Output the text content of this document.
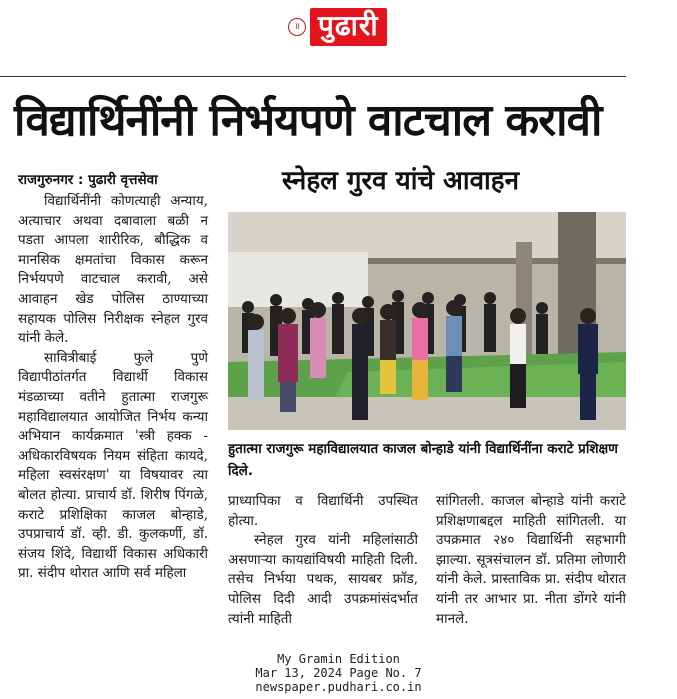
॥ पुढारी
विद्यार्थिनींनी निर्भयपणे वाटचाल करावी
स्नेहल गुरव यांचे आवाहन
राजगुरुनगर : पुढारी वृत्तसेवा

विद्यार्थिनींनी कोणत्याही अन्याय, अत्याचार अथवा दबावाला बळी न पडता आपला शारीरिक, बौद्धिक व मानसिक क्षमतांचा विकास करून निर्भयपणे वाटचाल करावी, असे आवाहन खेड पोलिस ठाण्याच्या सहायक पोलिस निरीक्षक स्नेहल गुरव यांनी केले.

सावित्रीबाई फुले पुणे विद्यापीठांतर्गत विद्यार्थी विकास मंडळाच्या वतीने हुतात्मा राजगुरू महाविद्यालयात आयोजित निर्भय कन्या अभियान कार्यक्रमात 'स्त्री हक्क - अधिकारविषयक नियम संहिता कायदे, महिला स्वसंरक्षण' या विषयावर त्या बोलत होत्या. प्राचार्य डॉ. शिरीष पिंगळे, कराटे प्रशिक्षिका काजल बोन्हाडे, उपप्राचार्य डॉ. व्ही. डी. कुलकर्णी, डॉ. संजय शिंदे, विद्यार्थी विकास अधिकारी प्रा. संदीप थोरात आणि सर्व महिला

हुतात्मा राजगुरू महाविद्यालयात काजल बोन्हाडे यांनी विद्यार्थिनींना कराटे प्रशिक्षण दिले.

प्राध्यापिका व विद्यार्थिनी उपस्थित होत्या.

स्नेहल गुरव यांनी महिलांसाठी असणाऱ्या कायद्यांविषयी माहिती दिली. तसेच निर्भया पथक, सायबर फ्रॉड, पोलिस दिदी आदी उपक्रमांसंदर्भात त्यांनी माहिती

सांगितली. काजल बोन्हाडे यांनी कराटे प्रशिक्षणाबद्दल माहिती सांगितली. या उपक्रमात २४० विद्यार्थिनी सहभागी झाल्या. सूत्रसंचालन डॉ. प्रतिमा लोणारी यांनी केले. प्रास्ताविक प्रा. संदीप थोरात यांनी तर आभार प्रा. नीता डोंगरे यांनी मानले.

My Gramin Edition
Mar 13, 2024 Page No. 7
newspaper.pudhari.co.in
